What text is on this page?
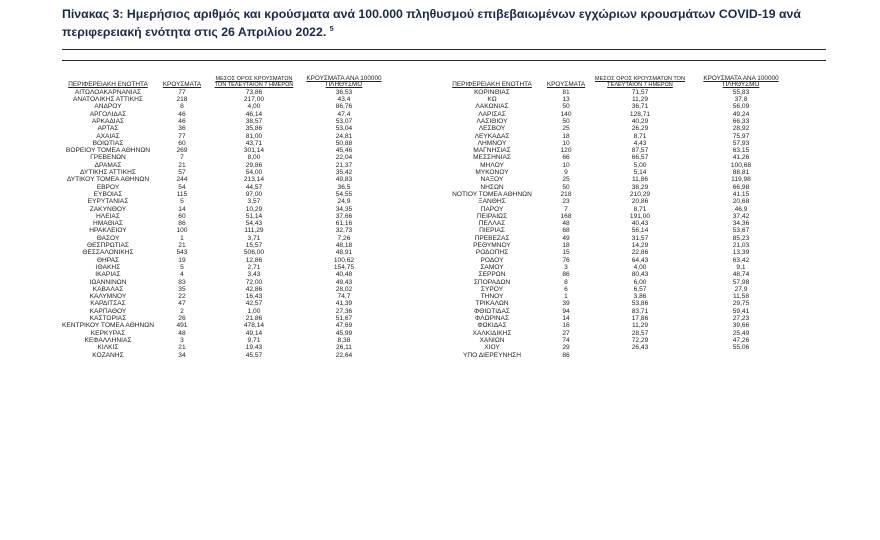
Πίνακας 3: Ημερήσιος αριθμός και κρούσματα ανά 100.000 πληθυσμού επιβεβαιωμένων εγχώριων κρουσμάτων COVID-19 ανά περιφερειακή ενότητα στις 26 Απριλίου 2022. $^5$
ΠΕΡΙΦΕΡΕΙΑΚΗ ΕΝΟΤΗΤΑ	ΚΡΟΥΣΜΑΤΑ	ΜΕΣΟΣ ΟΡΟΣ ΚΡΟΥΣΜΑΤΩΝ ΤΟΝ ΤΕΛΕΥΤΑΙΟΝ 7 ΗΜΕΡΩΝ	ΚΡΟΥΣΜΑΤΑ ΑΝΑ 100000 ΠΛΗΘΥΣΜΟ
ΑΙΤΩΛΟΑΚΑΡΝΑΝΙΑΣ	77	73,86	36,53
ΑΝΑΤΟΛΙΚΗΣ ΑΤΤΙΚΗΣ	218	217,00	43,4
ΑΝΔΡΟΥ	8	4,00	86,76
ΑΡΓΟΛΙΔΑΣ	46	46,14	47,4
ΑΡΚΑΔΙΑΣ	46	38,57	53,07
ΑΡΤΑΣ	36	35,86	53,04
ΑΧΑΪΑΣ	77	81,00	24,81
ΒΟΙΩΤΙΑΣ	60	43,71	50,88
ΒΟΡΕΙΟΥ ΤΟΜΕΑ ΑΘΗΝΩΝ	269	301,14	45,46
ΓΡΕΒΕΝΩΝ	7	8,00	22,04
ΔΡΑΜΑΣ	21	29,86	21,37
ΔΥΤΙΚΗΣ ΑΤΤΙΚΗΣ	57	54,00	35,42
ΔΥΤΙΚΟΥ ΤΟΜΕΑ ΑΘΗΝΩΝ	244	213,14	49,83
ΕΒΡΟΥ	54	44,57	36,5
ΕΥΒΟΙΑΣ	115	97,00	54,55
ΕΥΡΥΤΑΝΙΑΣ	5	3,57	24,9
ΖΑΚΥΝΘΟΥ	14	10,29	34,35
ΗΛΕΙΑΣ	60	51,14	37,66
ΗΜΑΘΙΑΣ	86	54,43	61,16
ΗΡΑΚΛΕΙΟΥ	100	111,29	32,73
ΘΑΣΟΥ	1	3,71	7,26
ΘΕΣΠΡΩΤΙΑΣ	21	15,57	48,18
ΘΕΣΣΑΛΟΝΙΚΗΣ	543	506,00	48,91
ΘΗΡΑΣ	19	12,86	100,62
ΙΘΑΚΗΣ	5	2,71	154,75
ΙΚΑΡΙΑΣ	4	3,43	40,48
ΙΩΑΝΝΙΝΩΝ	83	72,00	49,43
ΚΑΒΑΛΑΣ	35	42,86	28,02
ΚΑΛΥΜΝΟΥ	22	16,43	74,7
ΚΑΡΔΙΤΣΑΣ	47	42,57	41,39
ΚΑΡΠΑΘΟΥ	2	1,00	27,36
ΚΑΣΤΟΡΙΑΣ	26	21,86	51,67
ΚΕΝΤΡΙΚΟΥ ΤΟΜΕΑ ΑΘΗΝΩΝ	491	478,14	47,69
ΚΕΡΚΥΡΑΣ	48	49,14	45,99
ΚΕΦΑΛΛΗΝΙΑΣ	3	9,71	8,38
ΚΙΛΚΙΣ	21	19,43	26,11
ΚΟΖΑΝΗΣ	34	45,57	22,64
ΠΕΡΙΦΕΡΕΙΑΚΗ ΕΝΟΤΗΤΑ	ΚΡΟΥΣΜΑΤΑ	ΜΕΣΟΣ ΟΡΟΣ ΚΡΟΥΣΜΑΤΩΝ ΤΟΝ ΤΕΛΕΥΤΑΙΟΝ 7 ΗΜΕΡΩΝ	ΚΡΟΥΣΜΑΤΑ ΑΝΑ 100000 ΠΛΗΘΥΣΜΟ
ΚΟΡΙΝΘΙΑΣ	81	71,57	55,83
ΚΩ	13	11,29	37,8
ΛΑΚΩΝΙΑΣ	50	36,71	56,09
ΛΑΡΙΣΑΣ	140	128,71	49,24
ΛΑΣΙΘΙΟΥ	50	40,29	66,33
ΛΕΣΒΟΥ	25	26,29	28,92
ΛΕΥΚΑΔΑΣ	18	8,71	75,97
ΛΗΜΝΟΥ	10	4,43	57,93
ΜΑΓΝΗΣΙΑΣ	120	87,57	63,15
ΜΕΣΣΗΝΙΑΣ	66	66,57	41,26
ΜΗΛΟΥ	10	5,00	100,68
ΜΥΚΟΝΟΥ	9	5,14	88,81
ΝΑΞΟΥ	25	11,86	119,98
ΝΗΣΩΝ	50	38,29	66,98
ΝΟΤΙΟΥ ΤΟΜΕΑ ΑΘΗΝΩΝ	218	210,29	41,15
ΞΑΝΘΗΣ	23	20,86	20,68
ΠΑΡΟΥ	7	8,71	46,9
ΠΕΙΡΑΙΩΣ	168	191,00	37,42
ΠΕΛΛΑΣ	48	40,43	34,36
ΠΙΕΡΙΑΣ	68	56,14	53,67
ΠΡΕΒΕΖΑΣ	49	31,57	85,23
ΡΕΘΥΜΝΟΥ	18	14,29	21,03
ΡΟΔΟΠΗΣ	15	22,86	13,39
ΡΟΔΟΥ	76	64,43	63,42
ΣΑΜΟΥ	3	4,00	9,1
ΣΕΡΡΩΝ	86	80,43	48,74
ΣΠΟΡΑΔΩΝ	8	6,00	57,98
ΣΥΡΟΥ	6	6,57	27,9
ΤΗΝΟΥ	1	3,86	11,58
ΤΡΙΚΑΛΩΝ	39	53,86	29,75
ΦΘΙΩΤΙΔΑΣ	94	83,71	59,41
ΦΛΩΡΙΝΑΣ	14	17,86	27,23
ΦΩΚΙΔΑΣ	16	11,29	39,66
ΧΑΛΚΙΔΙΚΗΣ	27	28,57	25,49
ΧΑΝΙΩΝ	74	72,29	47,26
ΧΙΟΥ	29	26,43	55,06
ΥΠΟ ΔΙΕΡΕΥΝΗΣΗ	86		
